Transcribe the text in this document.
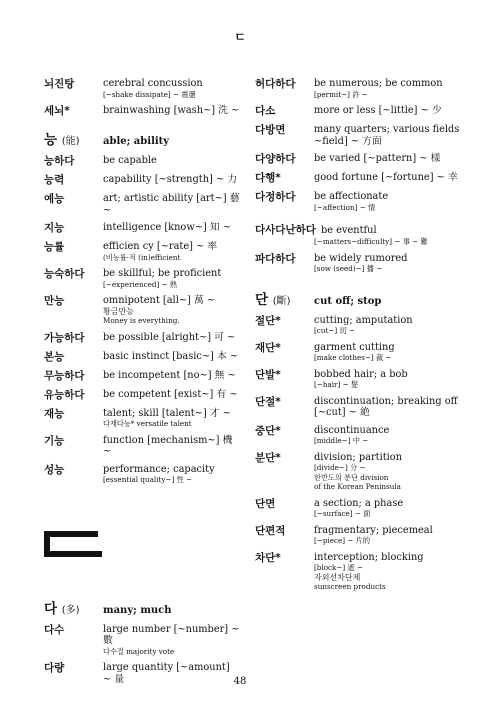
ㄷ
뇌진탕	cerebral concussion
[~shake dissipate] ~ 震盪
세뇌*	brainwashing [wash~] 洗 ~
능 (能)	able; ability
능하다	be capable
능력	capability [~strength] ~ 力
예능	art; artistic ability [art~] 藝 ~
지능	intelligence [know~] 知 ~
능률	efficien cy [~rate] ~ 率
(비능률·적 (in)efficient
능숙하다	be skillful; be proficient
[~experienced] ~ 熟
만능	omnipotent [all~] 萬 ~
황금만능
Money is everything.
가능하다	be possible [alright~] 可 ~
본능	basic instinct [basic~] 本 ~
무능하다	be incompetent [no~] 無 ~
유능하다	be competent [exist~] 有 ~
재능	talent; skill [talent~] 才 ~
다재다능* versatile talent
기능	function [mechanism~] 機 ~
성능	performance; capacity
[essential quality~] 性 ~
다 (多)	many; much
다수	large number [~number] ~ 數
다수결 majority vote
다량	large quantity [~amount] ~ 量
허다하다	be numerous; be common
[permit~] 許 ~
다소	more or less [~little] ~ 少
다방면	many quarters; various fields ~field] ~ 方面
다양하다	be varied [~pattern] ~ 樣
다행*	good fortune [~fortune] ~ 幸
다정하다	be affectionate
[~affection] ~ 情
다사다난하다 be eventful
[~matters~difficulty] ~ 事 ~ 難
파다하다	be widely rumored
[sow (seed)~] 播 ~
단 (斷)	cut off; stop
절단*	cutting; amputation
[cut~] 切 ~
재단*	garment cutting
[make clothes~] 裁 ~
단발*	bobbed hair; a bob
[~hair] ~ 髮
단절*	discontinuation; breaking off [~cut] ~ 絶
중단*	discontinuance
[middle~] 中 ~
분단*	division; partition
[divide~] 分 ~
한반도의 분단 division
of the Korean Peninsula
단면	a section; a phase
[~surface] ~ 面
단편적	fragmentary; piecemeal
[~piece] ~ 片的
차단*	interception; blocking
[block~] 遮 ~
자외선차단제
sunscreen products
48
